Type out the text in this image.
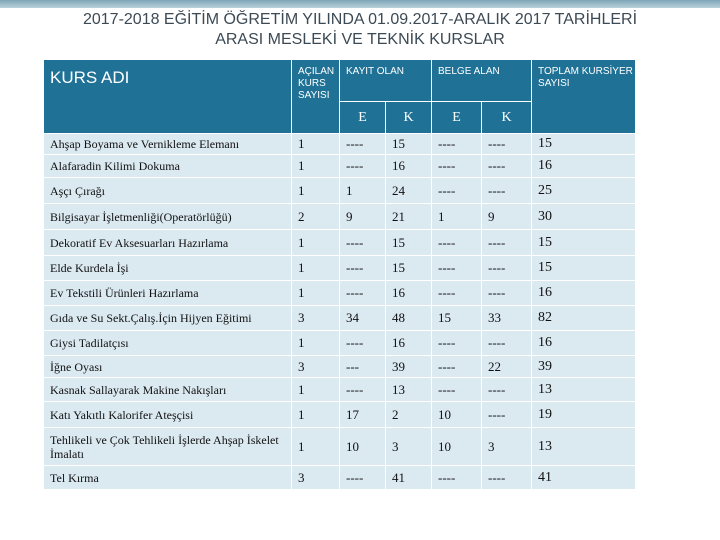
2017-2018 EĞİTİM ÖĞRETİM YILINDA 01.09.2017-ARALIK 2017 TARİHLERİ
ARASI MESLEKİ VE TEKNİK KURSLAR
KURS ADI	AÇILAN KURS SAYISI	KAYIT OLAN		BELGE ALAN		TOPLAM KURSİYER SAYISI
		E	K	E	K	
Ahşap Boyama ve Vernikleme Elemanı	1	----	15	----	----	15
Alafaradin Kilimi Dokuma	1	----	16	----	----	16
Aşçı Çırağı	1	1	24	----	----	25
Bilgisayar İşletmenliği(Operatörlüğü)	2	9	21	1	9	30
Dekoratif Ev Aksesuarları Hazırlama	1	----	15	----	----	15
Elde Kurdela İşi	1	----	15	----	----	15
Ev Tekstili Ürünleri Hazırlama	1	----	16	----	----	16
Gıda ve Su Sekt.Çalış.İçin Hijyen Eğitimi	3	34	48	15	33	82
Giysi Tadilatçısı	1	----	16	----	----	16
İğne Oyası	3	---	39	----	22	39
Kasnak Sallayarak Makine Nakışları	1	----	13	----	----	13
Katı Yakıtlı Kalorifer Ateşçisi	1	17	2	10	----	19
Tehlikeli ve Çok Tehlikeli İşlerde Ahşap İskelet İmalatı	1	10	3	10	3	13
Tel Kırma	3	----	41	----	----	41
